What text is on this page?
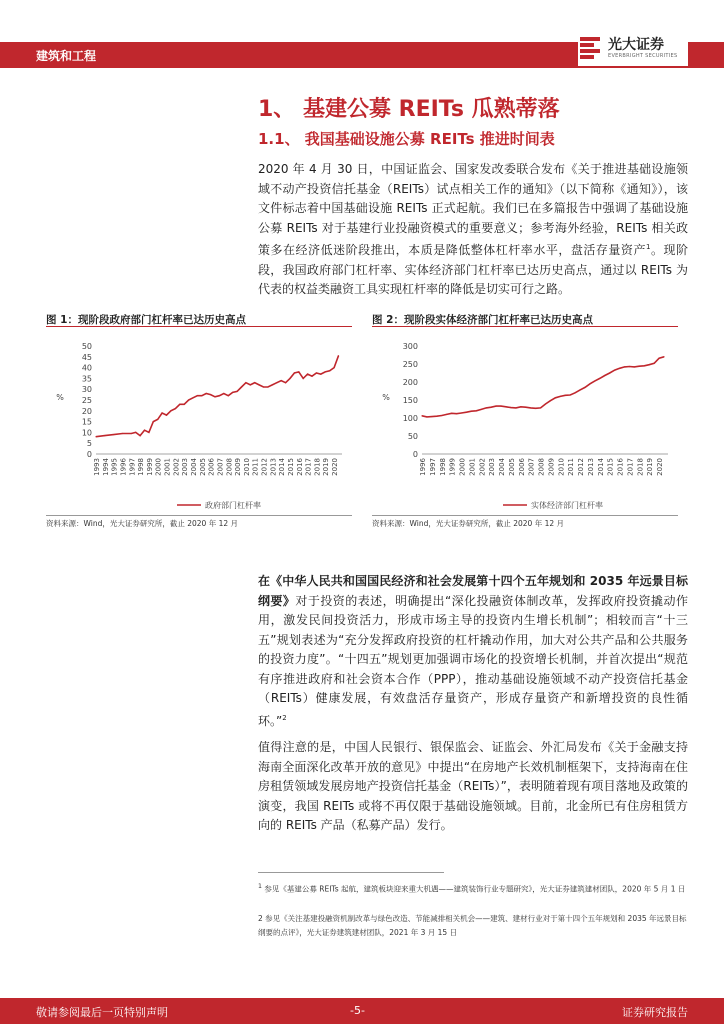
建筑和工程
光大证券
EVERBRIGHT SECURITIES
1、 基建公募 REITs 瓜熟蒂落
1.1、 我国基础设施公募 REITs 推进时间表
2020 年 4 月 30 日，中国证监会、国家发改委联合发布《关于推进基础设施领域不动产投资信托基金（REITs）试点相关工作的通知》（以下简称《通知》），该文件标志着中国基础设施 REITs 正式起航。我们已在多篇报告中强调了基础设施公募 REITs 对于基建行业投融资模式的重要意义；参考海外经验，REITs 相关政策多在经济低迷阶段推出，本质是降低整体杠杆率水平，盘活存量资产$^1$。现阶段，我国政府部门杠杆率、实体经济部门杠杆率已达历史高点，通过以 REITs 为代表的权益类融资工具实现杠杆率的降低是切实可行之路。
图 1：现阶段政府部门杠杆率已达历史高点
0
5
10
15
20
25
30
35
40
45
50
%
1993 1994 1995 1996 1997 1998 1999 2000 2001 2002 2003 2004 2005 2006 2007 2008 2009 2010 2011 2012 2013 2014 2015 2016 2017 2018 2019 2020
政府部门杠杆率
资料来源：Wind，光大证券研究所，截止 2020 年 12 月
图 2：现阶段实体经济部门杠杆率已达历史高点
0
50
100
150
200
250
300
%
1996 1997 1998 1999 2000 2001 2002 2003 2004 2005 2006 2007 2008 2009 2010 2011 2012 2013 2014 2015 2016 2017 2018 2019 2020
实体经济部门杠杆率
资料来源：Wind，光大证券研究所，截止 2020 年 12 月
在《中华人民共和国国民经济和社会发展第十四个五年规划和 2035 年远景目标纲要》对于投资的表述，明确提出“深化投融资体制改革，发挥政府投资撬动作用，激发民间投资活力，形成市场主导的投资内生增长机制”；相较而言“十三五”规划表述为“充分发挥政府投资的杠杆撬动作用，加大对公共产品和公共服务的投资力度”。“十四五”规划更加强调市场化的投资增长机制，并首次提出“规范有序推进政府和社会资本合作（PPP），推动基础设施领域不动产投资信托基金（REITs）健康发展，有效盘活存量资产，形成存量资产和新增投资的良性循环。”$^2$
值得注意的是，中国人民银行、银保监会、证监会、外汇局发布《关于金融支持海南全面深化改革开放的意见》中提出“在房地产长效机制框架下，支持海南在住房租赁领域发展房地产投资信托基金（REITs）”，表明随着现有项目落地及政策的演变，我国 REITs 或将不再仅限于基础设施领域。目前，北金所已有住房租赁方向的 REITs 产品（私募产品）发行。
$^1$ 参见《基建公募 REITs 起航，建筑板块迎来重大机遇——建筑装饰行业专题研究》，光大证券建筑建材团队，2020 年 5 月 1 日
2 参见《关注基建投融资机制改革与绿色改造、节能减排相关机会——建筑、建材行业对于第十四个五年规划和 2035 年远景目标纲要的点评》，光大证券建筑建材团队，2021 年 3 月 15 日
敬请参阅最后一页特别声明	-5-	证券研究报告
